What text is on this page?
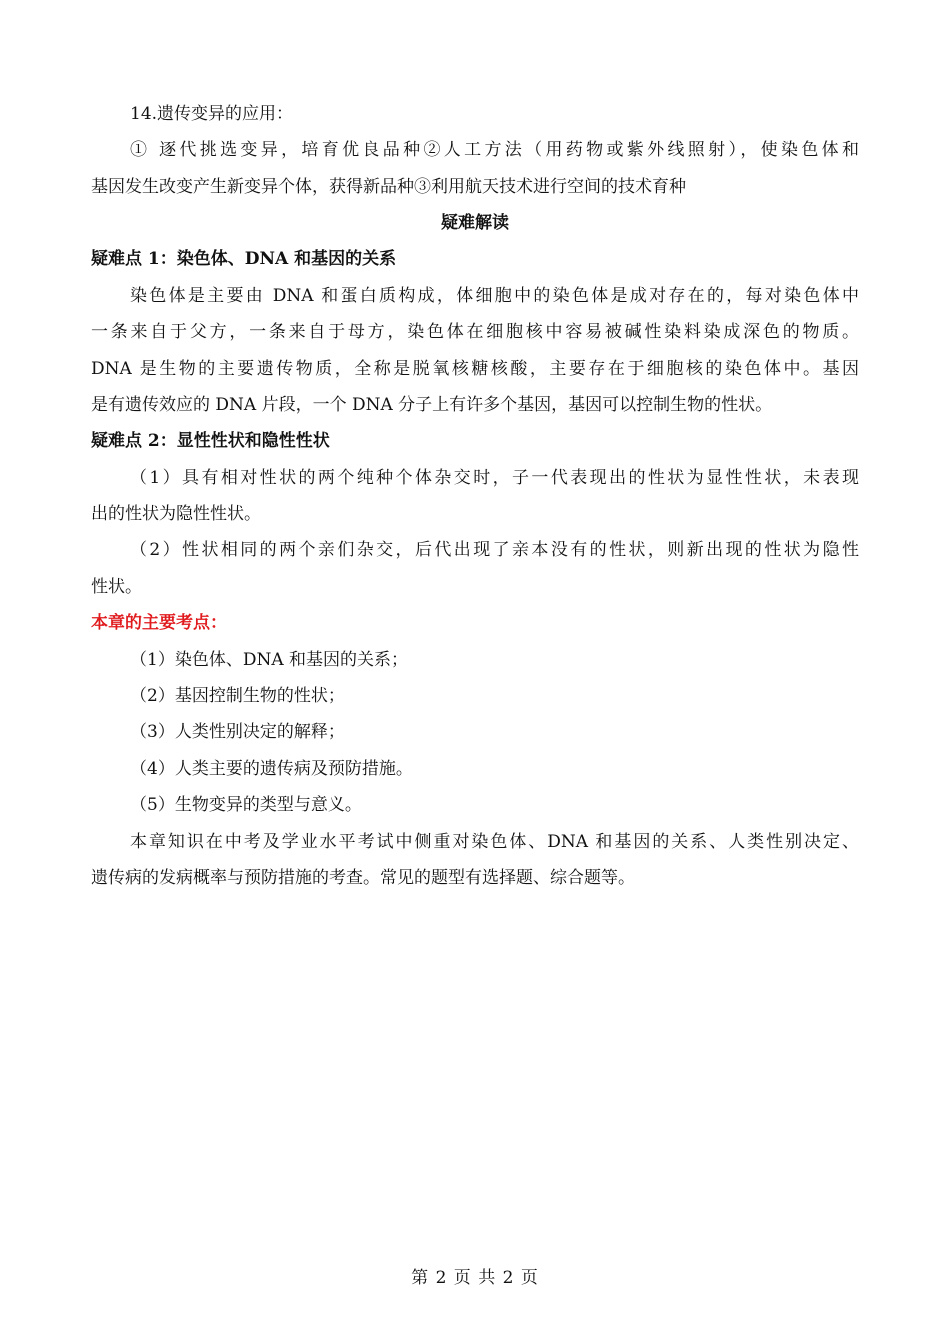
14.遗传变异的应用：
① 逐代挑选变异，培育优良品种②人工方法（用药物或紫外线照射），使染色体和
基因发生改变产生新变异个体，获得新品种③利用航天技术进行空间的技术育种
疑难解读
疑难点 1：染色体、DNA 和基因的关系
染色体是主要由 DNA 和蛋白质构成，体细胞中的染色体是成对存在的，每对染色体中
一条来自于父方，一条来自于母方，染色体在细胞核中容易被碱性染料染成深色的物质。
DNA 是生物的主要遗传物质，全称是脱氧核糖核酸，主要存在于细胞核的染色体中。基因
是有遗传效应的 DNA 片段，一个 DNA 分子上有许多个基因，基因可以控制生物的性状。
疑难点 2：显性性状和隐性性状
（1）具有相对性状的两个纯种个体杂交时，子一代表现出的性状为显性性状，未表现
出的性状为隐性性状。
（2）性状相同的两个亲们杂交，后代出现了亲本没有的性状，则新出现的性状为隐性
性状。
本章的主要考点：
（1）染色体、DNA 和基因的关系；
（2）基因控制生物的性状；
（3）人类性别决定的解释；
（4）人类主要的遗传病及预防措施。
（5）生物变异的类型与意义。
本章知识在中考及学业水平考试中侧重对染色体、DNA 和基因的关系、人类性别决定、
遗传病的发病概率与预防措施的考查。常见的题型有选择题、综合题等。
第 2 页 共 2 页
